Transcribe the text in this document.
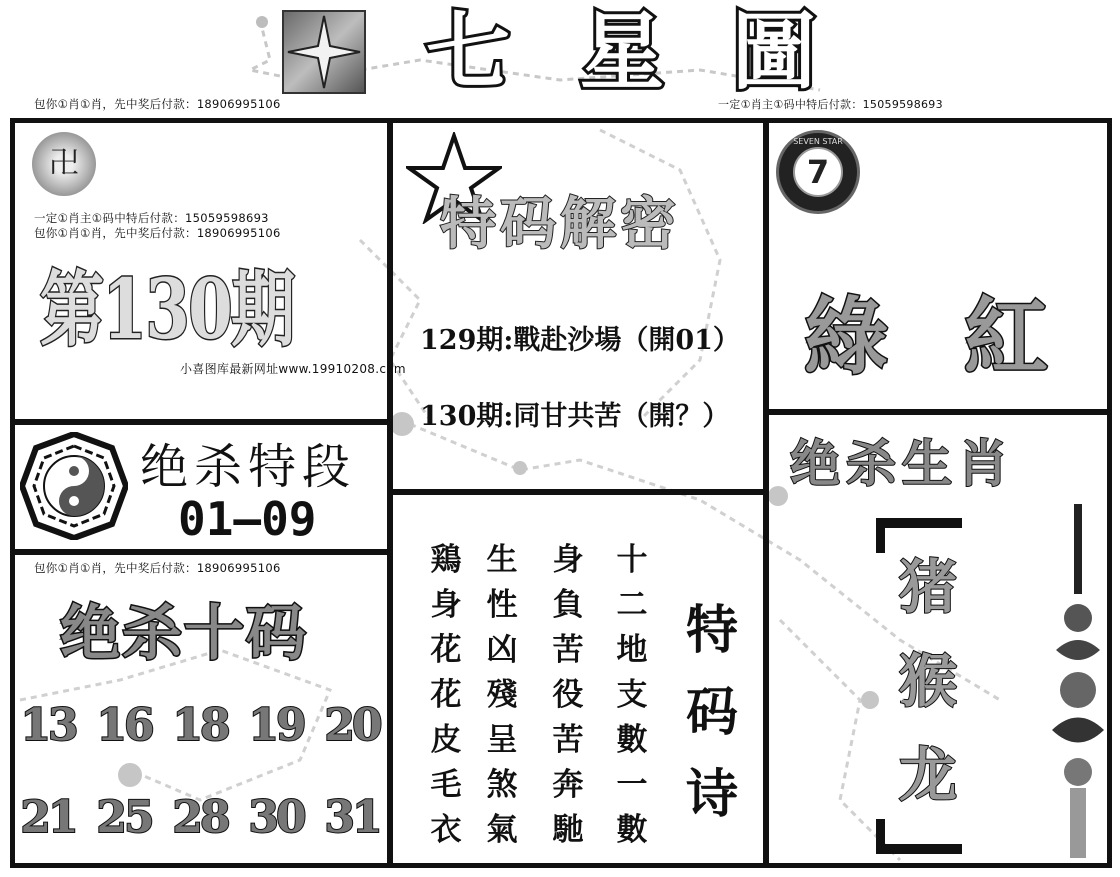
七 星 圖
包你①肖①肖，先中奖后付款：18906995106	一定①肖主①码中特后付款：15059598693
卍
一定①肖主①码中特后付款：15059598693
包你①肖①肖，先中奖后付款：18906995106
第130期
小喜图库最新网址www.19910208.com
特码解密
129期:戰赴沙場（開01）
130期:同甘共苦（開？）
7
SEVEN STAR
綠 紅
绝杀特段
01—09
包你①肖①肖，先中奖后付款：18906995106
绝杀十码
鶏身花花皮毛衣
生性凶殘呈煞氣
身負苦役苦奔馳
十二地支數一數
特码诗
绝杀生肖
猪
猴
龙
13 16 18 19 20
21 25 28 30 31
